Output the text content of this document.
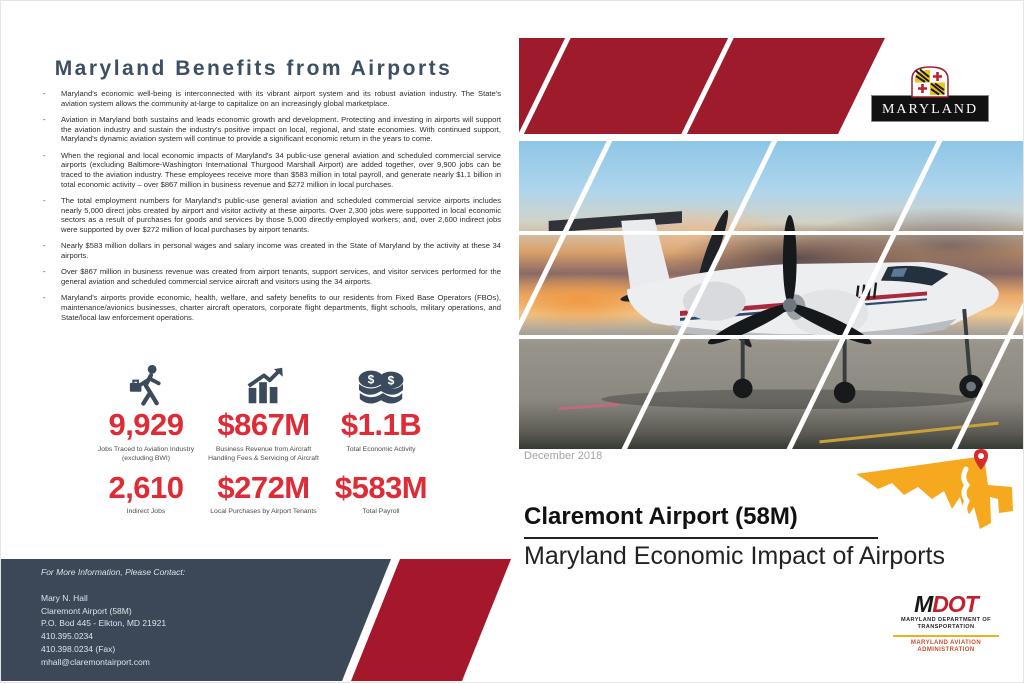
Maryland Benefits from Airports
- Maryland's economic well-being is interconnected with its vibrant airport system and its robust aviation industry. The State's aviation system allows the community at-large to capitalize on an increasingly global marketplace.
- Aviation in Maryland both sustains and leads economic growth and development. Protecting and investing in airports will support the aviation industry and sustain the industry's positive impact on local, regional, and state economies. With continued support, Maryland's dynamic aviation system will continue to provide a significant economic return in the years to come.
- When the regional and local economic impacts of Maryland's 34 public-use general aviation and scheduled commercial service airports (excluding Baltimore-Washington International Thurgood Marshall Airport) are added together, over 9,900 jobs can be traced to the aviation industry. These employees receive more than $583 million in total payroll, and generate nearly $1.1 billion in total economic activity – over $867 million in business revenue and $272 million in local purchases.
- The total employment numbers for Maryland's public-use general aviation and scheduled commercial service airports includes nearly 5,000 direct jobs created by airport and visitor activity at these airports. Over 2,300 jobs were supported in local economic sectors as a result of purchases for goods and services by those 5,000 directly-employed workers; and, over 2,600 indirect jobs were supported by over $272 million of local purchases by airport tenants.
- Nearly $583 million dollars in personal wages and salary income was created in the State of Maryland by the activity at these 34 airports.
- Over $867 million in business revenue was created from airport tenants, support services, and visitor services performed for the general aviation and scheduled commercial service aircraft and visitors using the 34 airports.
- Maryland's airports provide economic, health, welfare, and safety benefits to our residents from Fixed Base Operators (FBOs), maintenance/avionics businesses, charter aircraft operators, corporate flight departments, flight schools, military operations, and State/local law enforcement operations.
9,929
Jobs Traced to Aviation Industry (excluding BWI)
$867M
Business Revenue from Aircraft Handling Fees & Servicing of Aircraft
$ $
$1.1B
Total Economic Activity
2,610
Indirect Jobs
$272M
Local Purchases by Airport Tenants
$583M
Total Payroll
For More Information, Please Contact:
Mary N. Hall
Claremont Airport (58M)
P.O. Bod 445 - Elkton, MD 21921
410.395.0234
410.398.0234 (Fax)
mhall@claremontairport.com
MARYLAND
December 2018
Claremont Airport (58M)
Maryland Economic Impact of Airports
MDOT
MARYLAND DEPARTMENT OF TRANSPORTATION
MARYLAND AVIATION ADMINISTRATION
